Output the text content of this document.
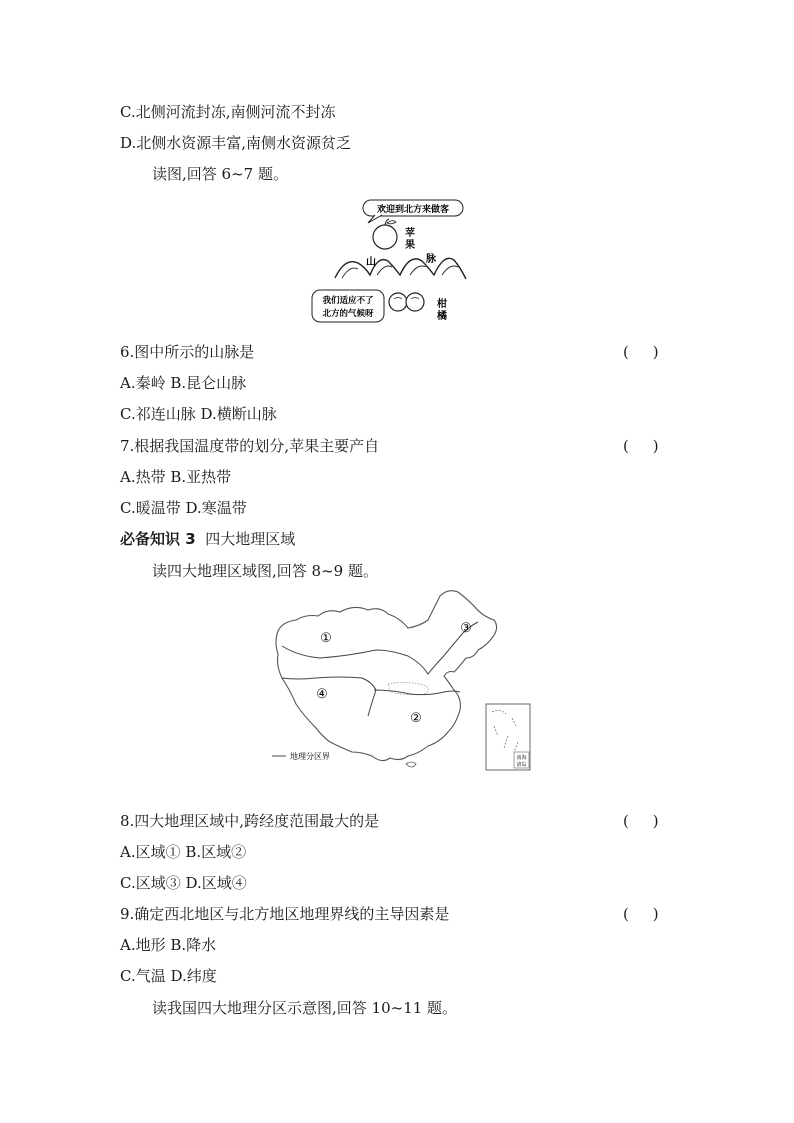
C.北侧河流封冻,南侧河流不封冻
D.北侧水资源丰富,南侧水资源贫乏
读图,回答 6~7 题。
欢迎到北方来做客
苹
果
山	脉
我们适应不了
北方的气候呀
柑
橘
6.图中所示的山脉是	(     )
A.秦岭 B.昆仑山脉
C.祁连山脉 D.横断山脉
7.根据我国温度带的划分,苹果主要产自	(     )
A.热带 B.亚热带
C.暖温带 D.寒温带
必备知识 3 四大地理区域
读四大地理区域图,回答 8~9 题。
①
②
③
④
地理分区界	南海
诸岛
8.四大地理区域中,跨经度范围最大的是	(     )
A.区域① B.区域②
C.区域③ D.区域④
9.确定西北地区与北方地区地理界线的主导因素是	(     )
A.地形 B.降水
C.气温 D.纬度
读我国四大地理分区示意图,回答 10~11 题。
